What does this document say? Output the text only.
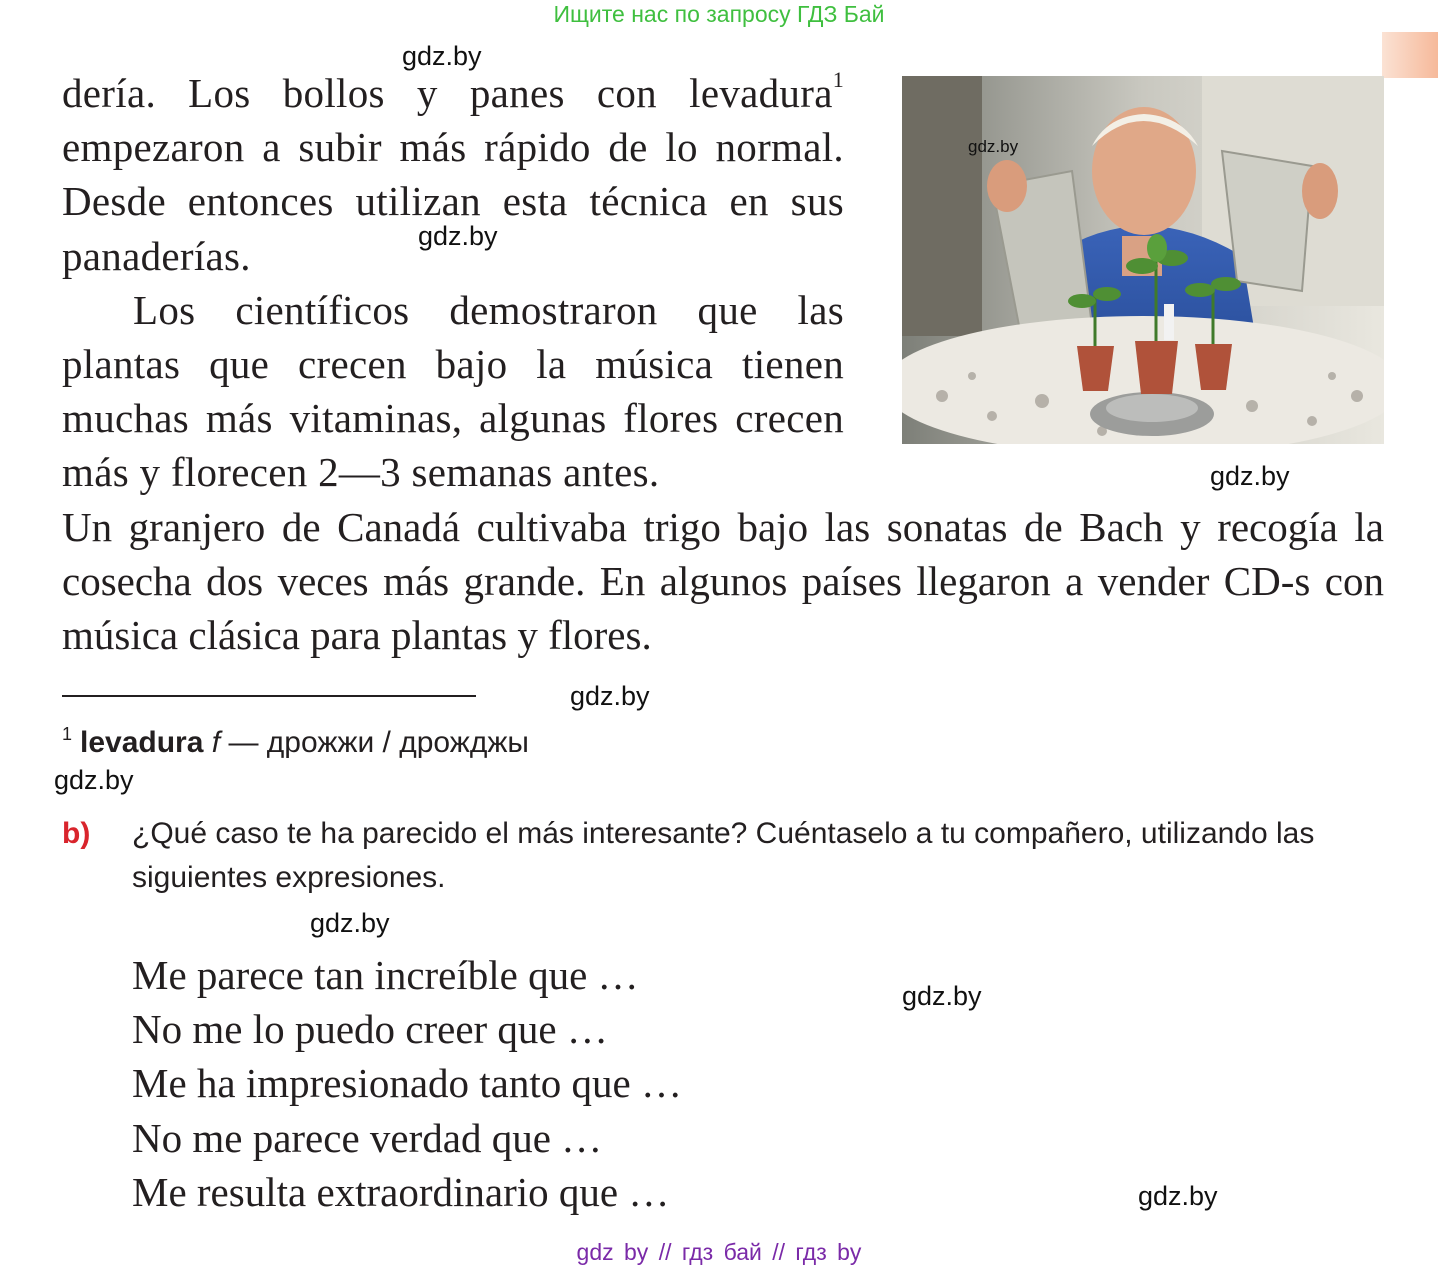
Ищите нас по запросу ГДЗ Бай

dería. Los bollos y panes con levadura$^1$ empezaron a subir más rápido de lo normal. Desde entonces utilizan esta técnica en sus panaderías.

Los científicos demostraron que las plantas que crecen bajo la música tienen muchas más vitaminas, algunas flores crecen más y florecen 2—3 semanas antes.

Un granjero de Canadá cultivaba trigo bajo las sonatas de Bach y recogía la cosecha dos veces más grande. En algunos países llegaron a vender CD-s con música clásica para plantas y flores.

gdz.by
gdz.by
gdz.by
gdz.by
gdz.by
gdz.by
gdz.by
gdz.by
gdz.by
$^1$ levadura f — дрожжи / дрожджы
b) ¿Qué caso te ha parecido el más interesante? Cuéntaselo a tu compañero, utilizando las siguientes expresiones.

Me parece tan increíble que …
No me lo puedo creer que …
Me ha impresionado tanto que …
No me parece verdad que …
Me resulta extraordinario que …
gdz by // гдз бай // гдз by
